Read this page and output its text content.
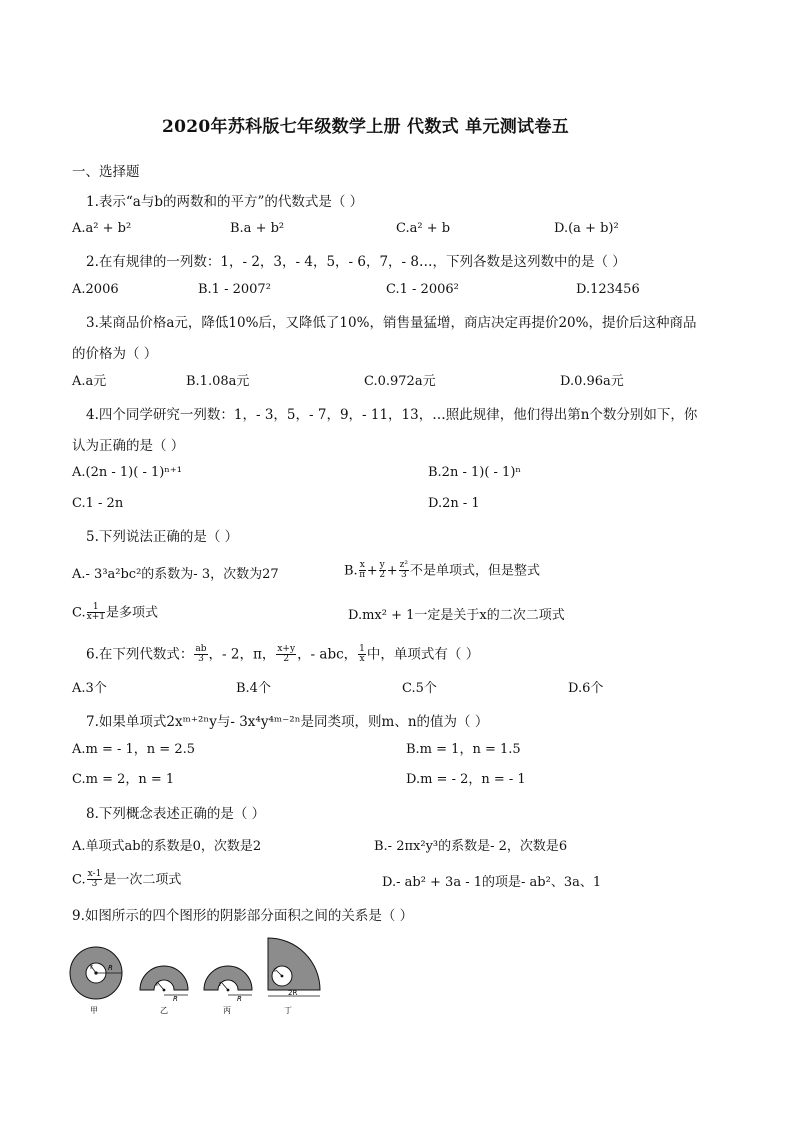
2020年苏科版七年级数学上册 代数式 单元测试卷五
一、选择题
1.表示“a与b的两数和的平方”的代数式是（ ）
A.a² + b²	B.a + b²	C.a² + b	D.(a + b)²
2.在有规律的一列数：1，- 2，3，- 4，5，- 6，7，- 8…，下列各数是这列数中的是（ ）
A.2006	B.1 - 2007²	C.1 - 2006²	D.123456
3.某商品价格a元，降低10%后，又降低了10%，销售量猛增，商店决定再提价20%，提价后这种商品
的价格为（ ）
A.a元	B.1.08a元	C.0.972a元	D.0.96a元
4.四个同学研究一列数：1，- 3，5，- 7，9，- 11，13，…照此规律，他们得出第n个数分别如下，你
认为正确的是（ ）
A.(2n - 1)( - 1)ⁿ⁺¹	B.2n - 1)( - 1)ⁿ
C.1 - 2n	D.2n - 1
5.下列说法正确的是（ ）
A.- 3³a²bc²的系数为- 3，次数为27	B. $\frac{x}{\pi} + \frac{y}{2} + \frac{\text{z²}}{3}$ 不是单项式，但是整式
C. $\frac{1}{x+1}$ 是多项式	D.mx² + 1一定是关于x的二次二项式
6.在下列代数式： $\frac{ab}{3}$ ，- 2，π， $\frac{x+y}{2}$ ，- abc， $\frac{1}{x}$ 中，单项式有（ ）
A.3个	B.4个	C.5个	D.6个
7.如果单项式2xᵐ⁺²ⁿy与- 3x⁴y⁴ᵐ⁻²ⁿ是同类项，则m、n的值为（ ）
A.m = - 1，n = 2.5	B.m = 1，n = 1.5
C.m = 2，n = 1	D.m = - 2，n = - 1
8.下列概念表述正确的是（ ）
A.单项式ab的系数是0，次数是2	B.- 2πx²y³的系数是- 2，次数是6
C. $\frac{x-1}{3}$ 是一次二项式	D.- ab² + 3a - 1的项是- ab²、3a、1
9.如图所示的四个图形的阴影部分面积之间的关系是（ ）
r R
甲
r
R
乙
r
R
丙
r
2R
丁
